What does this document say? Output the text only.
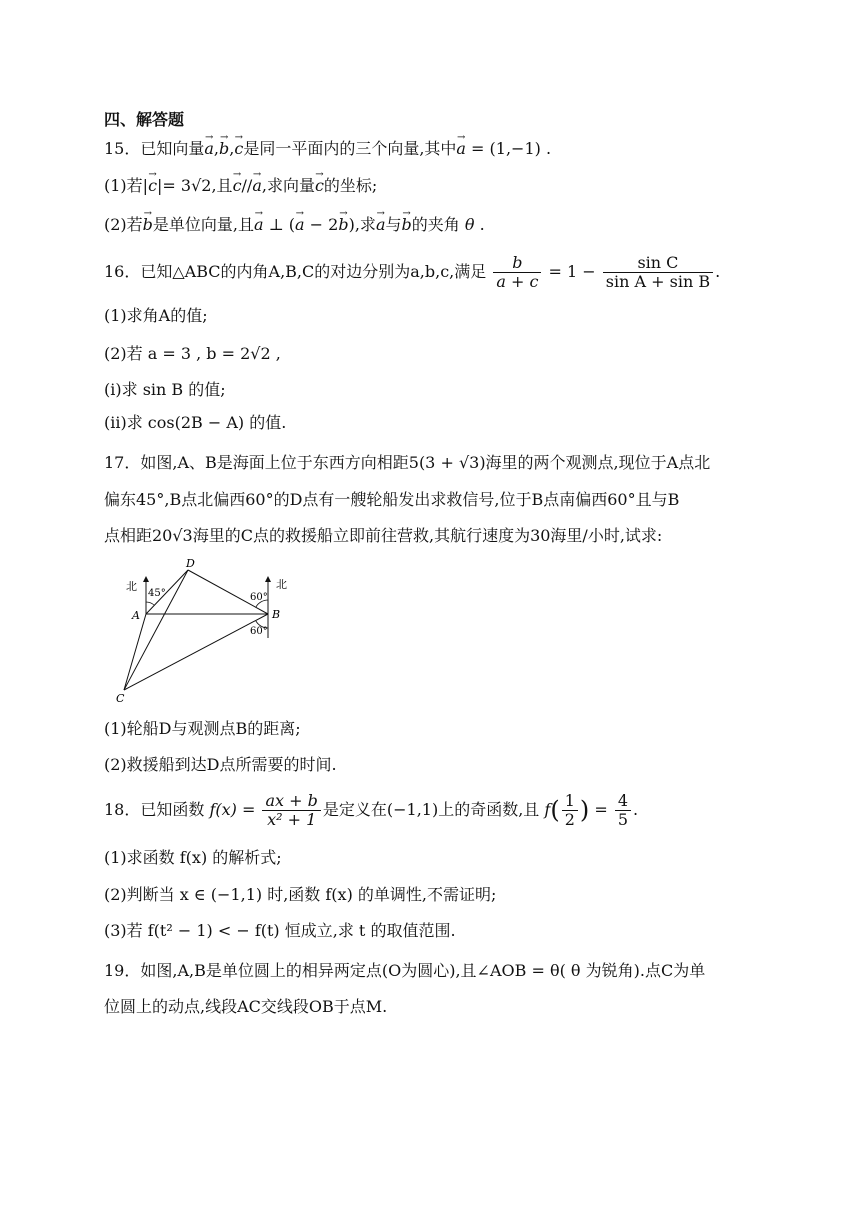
四、解答题
15．已知向量→ a,→ b,→ c是同一平面内的三个向量,其中→ a = (1,−1) .
(1)若|→ c|= 3√2,且→ c//→ a,求向量→ c的坐标;
(2)若→ b是单位向量,且→ a ⊥ (→ a − 2→ b),求→ a与→ b的夹角 θ .
16．已知△ABC的内角A,B,C的对边分别为a,b,c,满足 $\frac{b}{a + c} = 1 - \frac{\text{sin C}}{\text{sin A + sin B}}$ .
(1)求角A的值;
(2)若 a = 3 , b = 2√2 ,
(i)求 sin B 的值;
(ii)求 cos(2B − A) 的值.
17．如图,A、B是海面上位于东西方向相距5(3 + √3)海里的两个观测点,现位于A点北
偏东45°,B点北偏西60°的D点有一艘轮船发出求救信号,位于B点南偏西60°且与B
点相距20√3海里的C点的救援船立即前往营救,其航行速度为30海里/小时,试求:
北	北
45°	60°
60°
A	B
C
D
(1)轮船D与观测点B的距离;
(2)救援船到达D点所需要的时间.
18．已知函数 $f(x) = \frac{ax + b}{\text{x² + 1}}$ 是定义在(−1,1)上的奇函数,且 $f( \frac{1}{2}$ ) = $\frac{4}{5}$ .
(1)求函数 f(x) 的解析式;
(2)判断当 x ∈ (−1,1) 时,函数 f(x) 的单调性,不需证明;
(3)若 f(t² − 1) < − f(t) 恒成立,求 t 的取值范围.
19．如图,A,B是单位圆上的相异两定点(O为圆心),且∠AOB = θ( θ 为锐角).点C为单
位圆上的动点,线段AC交线段OB于点M.
